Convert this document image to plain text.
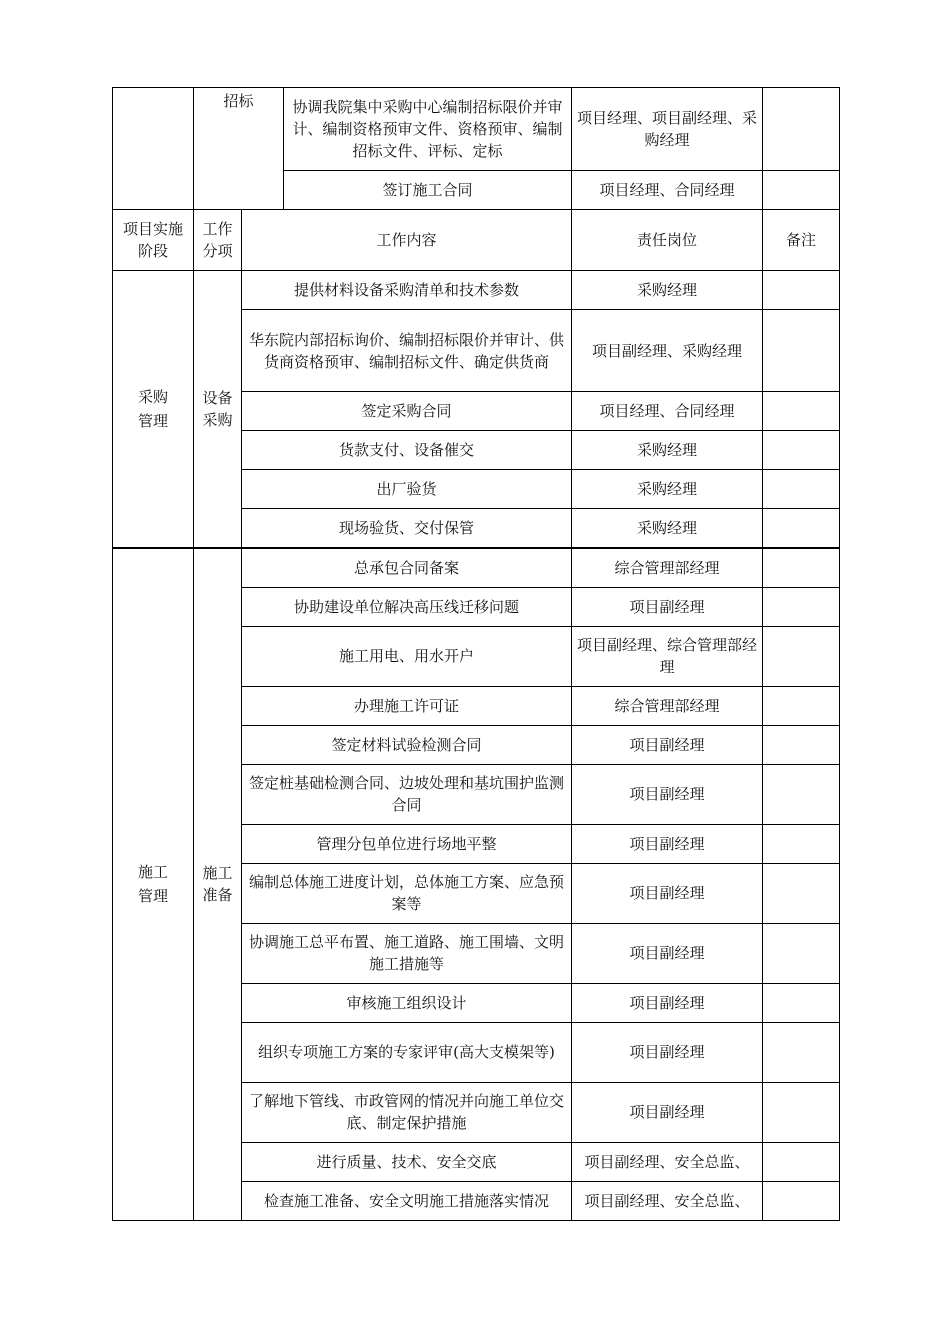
	招标	协调我院集中采购中心编制招标限价并审计、编制资格预审文件、资格预审、编制招标文件、评标、定标	项目经理、项目副经理、采购经理	

		签订施工合同	项目经理、合同经理	

项目实施阶段	工作分项	工作内容	责任岗位	备注
采购管理	设备采购	提供材料设备采购清单和技术参数	采购经理	

		华东院内部招标询价、编制招标限价并审计、供货商资格预审、编制招标文件、确定供货商	项目副经理、采购经理	

		签定采购合同	项目经理、合同经理	

		货款支付、设备催交	采购经理	

		出厂验货	采购经理	

		现场验货、交付保管	采购经理	

施工管理	施工准备	总承包合同备案	综合管理部经理	

		协助建设单位解决高压线迁移问题	项目副经理	

		施工用电、用水开户	项目副经理、综合管理部经理	

		办理施工许可证	综合管理部经理	

		签定材料试验检测合同	项目副经理	

		签定桩基础检测合同、边坡处理和基坑围护监测合同	项目副经理	

		管理分包单位进行场地平整	项目副经理	

		编制总体施工进度计划，总体施工方案、应急预案等	项目副经理	

		协调施工总平布置、施工道路、施工围墙、文明施工措施等	项目副经理	

		审核施工组织设计	项目副经理	

		组织专项施工方案的专家评审(高大支模架等)	项目副经理	

		了解地下管线、市政管网的情况并向施工单位交底、制定保护措施	项目副经理	

		进行质量、技术、安全交底	项目副经理、安全总监、	

		检查施工准备、安全文明施工措施落实情况	项目副经理、安全总监、	
